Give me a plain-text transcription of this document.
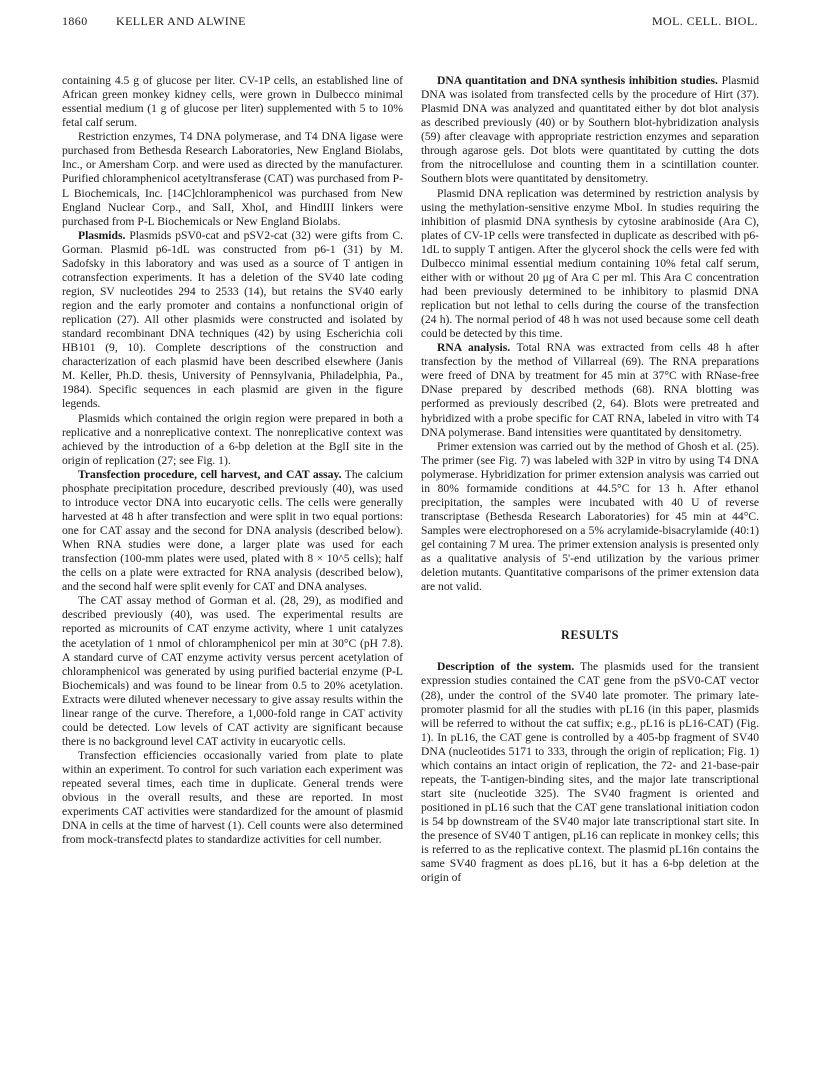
1860 KELLER AND ALWINE	MOL. CELL. BIOL.

containing 4.5 g of glucose per liter. CV-1P cells, an established line of African green monkey kidney cells, were grown in Dulbecco minimal essential medium (1 g of glucose per liter) supplemented with 5 to 10% fetal calf serum.

Restriction enzymes, T4 DNA polymerase, and T4 DNA ligase were purchased from Bethesda Research Laboratories, New England Biolabs, Inc., or Amersham Corp. and were used as directed by the manufacturer. Purified chloramphenicol acetyltransferase (CAT) was purchased from P-L Biochemicals, Inc. [14C]chloramphenicol was purchased from New England Nuclear Corp., and SalI, XhoI, and HindIII linkers were purchased from P-L Biochemicals or New England Biolabs.

Plasmids. Plasmids pSV0-cat and pSV2-cat (32) were gifts from C. Gorman. Plasmid p6-1dL was constructed from p6-1 (31) by M. Sadofsky in this laboratory and was used as a source of T antigen in cotransfection experiments. It has a deletion of the SV40 late coding region, SV nucleotides 294 to 2533 (14), but retains the SV40 early region and the early promoter and contains a nonfunctional origin of replication (27). All other plasmids were constructed and isolated by standard recombinant DNA techniques (42) by using Escherichia coli HB101 (9, 10). Complete descriptions of the construction and characterization of each plasmid have been described elsewhere (Janis M. Keller, Ph.D. thesis, University of Pennsylvania, Philadelphia, Pa., 1984). Specific sequences in each plasmid are given in the figure legends.

Plasmids which contained the origin region were prepared in both a replicative and a nonreplicative context. The nonreplicative context was achieved by the introduction of a 6-bp deletion at the BglI site in the origin of replication (27; see Fig. 1).

Transfection procedure, cell harvest, and CAT assay. The calcium phosphate precipitation procedure, described previously (40), was used to introduce vector DNA into eucaryotic cells. The cells were generally harvested at 48 h after transfection and were split in two equal portions: one for CAT assay and the second for DNA analysis (described below). When RNA studies were done, a larger plate was used for each transfection (100-mm plates were used, plated with 8 × 10^5 cells); half the cells on a plate were extracted for RNA analysis (described below), and the second half were split evenly for CAT and DNA analyses.

The CAT assay method of Gorman et al. (28, 29), as modified and described previously (40), was used. The experimental results are reported as microunits of CAT enzyme activity, where 1 unit catalyzes the acetylation of 1 nmol of chloramphenicol per min at 30°C (pH 7.8). A standard curve of CAT enzyme activity versus percent acetylation of chloramphenicol was generated by using purified bacterial enzyme (P-L Biochemicals) and was found to be linear from 0.5 to 20% acetylation. Extracts were diluted whenever necessary to give assay results within the linear range of the curve. Therefore, a 1,000-fold range in CAT activity could be detected. Low levels of CAT activity are significant because there is no background level CAT activity in eucaryotic cells.

Transfection efficiencies occasionally varied from plate to plate within an experiment. To control for such variation each experiment was repeated several times, each time in duplicate. General trends were obvious in the overall results, and these are reported. In most experiments CAT activities were standardized for the amount of plasmid DNA in cells at the time of harvest (1). Cell counts were also determined from mock-transfectd plates to standardize activities for cell number.

DNA quantitation and DNA synthesis inhibition studies. Plasmid DNA was isolated from transfected cells by the procedure of Hirt (37). Plasmid DNA was analyzed and quantitated either by dot blot analysis as described previously (40) or by Southern blot-hybridization analysis (59) after cleavage with appropriate restriction enzymes and separation through agarose gels. Dot blots were quantitated by cutting the dots from the nitrocellulose and counting them in a scintillation counter. Southern blots were quantitated by densitometry.

Plasmid DNA replication was determined by restriction analysis by using the methylation-sensitive enzyme MboI. In studies requiring the inhibition of plasmid DNA synthesis by cytosine arabinoside (Ara C), plates of CV-1P cells were transfected in duplicate as described with p6-1dL to supply T antigen. After the glycerol shock the cells were fed with Dulbecco minimal essential medium containing 10% fetal calf serum, either with or without 20 μg of Ara C per ml. This Ara C concentration had been previously determined to be inhibitory to plasmid DNA replication but not lethal to cells during the course of the transfection (24 h). The normal period of 48 h was not used because some cell death could be detected by this time.

RNA analysis. Total RNA was extracted from cells 48 h after transfection by the method of Villarreal (69). The RNA preparations were freed of DNA by treatment for 45 min at 37°C with RNase-free DNase prepared by described methods (68). RNA blotting was performed as previously described (2, 64). Blots were pretreated and hybridized with a probe specific for CAT RNA, labeled in vitro with T4 DNA polymerase. Band intensities were quantitated by densitometry.

Primer extension was carried out by the method of Ghosh et al. (25). The primer (see Fig. 7) was labeled with 32P in vitro by using T4 DNA polymerase. Hybridization for primer extension analysis was carried out in 80% formamide conditions at 44.5°C for 13 h. After ethanol precipitation, the samples were incubated with 40 U of reverse transcriptase (Bethesda Research Laboratories) for 45 min at 44°C. Samples were electrophoresed on a 5% acrylamide-bisacrylamide (40:1) gel containing 7 M urea. The primer extension analysis is presented only as a qualitative analysis of 5'-end utilization by the various primer deletion mutants. Quantitative comparisons of the primer extension data are not valid.

RESULTS

Description of the system. The plasmids used for the transient expression studies contained the CAT gene from the pSV0-CAT vector (28), under the control of the SV40 late promoter. The primary late-promoter plasmid for all the studies with pL16 (in this paper, plasmids will be referred to without the cat suffix; e.g., pL16 is pL16-CAT) (Fig. 1). In pL16, the CAT gene is controlled by a 405-bp fragment of SV40 DNA (nucleotides 5171 to 333, through the origin of replication; Fig. 1) which contains an intact origin of replication, the 72- and 21-base-pair repeats, the T-antigen-binding sites, and the major late transcriptional start site (nucleotide 325). The SV40 fragment is oriented and positioned in pL16 such that the CAT gene translational initiation codon is 54 bp downstream of the SV40 major late transcriptional start site. In the presence of SV40 T antigen, pL16 can replicate in monkey cells; this is referred to as the replicative context. The plasmid pL16n contains the same SV40 fragment as does pL16, but it has a 6-bp deletion at the origin of
